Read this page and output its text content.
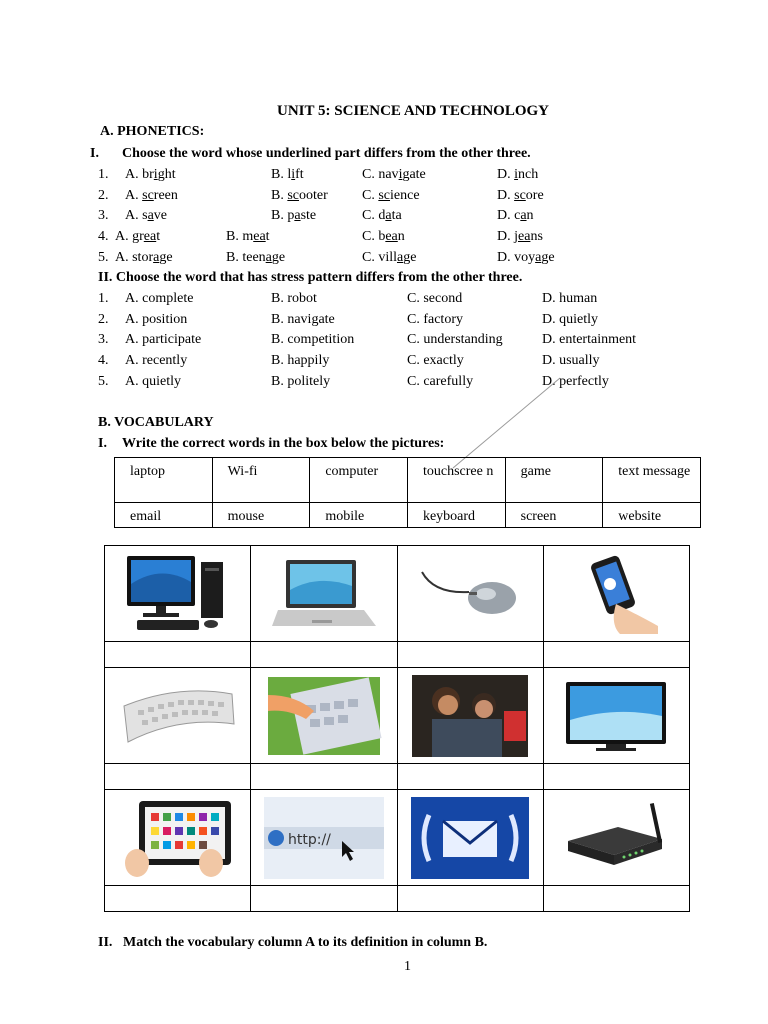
UNIT 5: SCIENCE AND TECHNOLOGY
A. PHONETICS:
I. Choose the word whose underlined part differs from the other three.
1. A. bright	B. lift	C. navigate	D. inch
2. A. screen	B. scooter C. science	D. score
3. A. save	B. paste	C. data	D. can
4. A. great	B. meat	C. bean	D. jeans
5. A. storage	B. teenage	C. village	D. voyage
II. Choose the word that has stress pattern differs from the other three.
1. A. complete	B. robot	C. second	D. human
2. A. position	B. navigate	C. factory	D. quietly
3. A. participate	B. competition	C. understanding	D. entertainment
4. A. recently	B. happily	C. exactly	D. usually
5. A. quietly	B. politely	C. carefully	D. perfectly
B. VOCABULARY
I. Write the correct words in the box below the pictures:
laptop	Wi-fi	computer	touchscree n	game	text message
email	mouse	mobile	keyboard	screen	website

http://

II. Match the vocabulary column A to its definition in column B.
1
